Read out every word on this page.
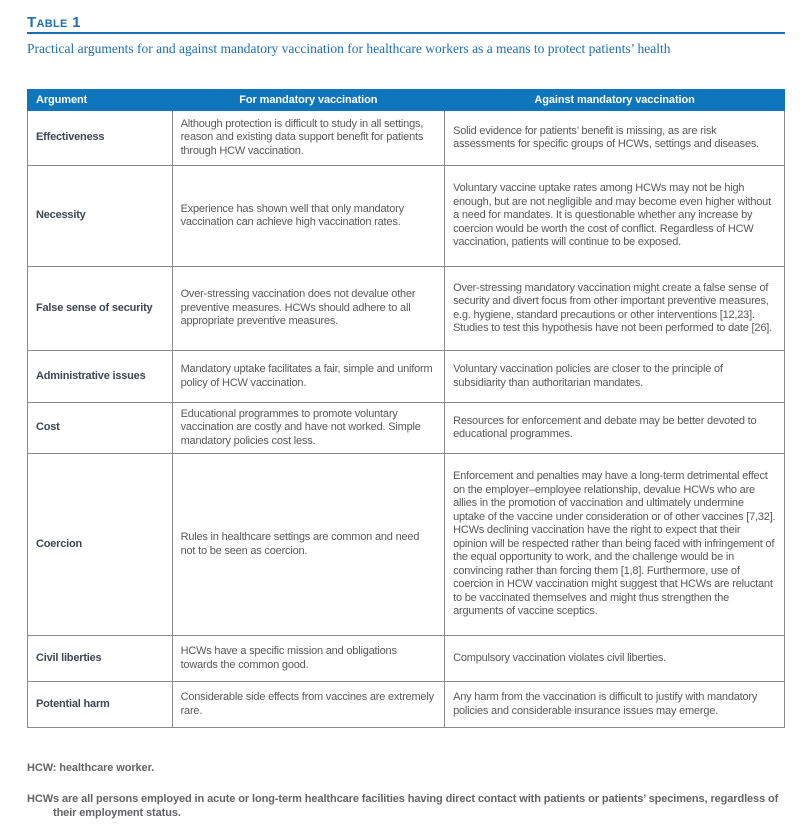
Table 1
Practical arguments for and against mandatory vaccination for healthcare workers as a means to protect patients’ health
Argument	For mandatory vaccination	Against mandatory vaccination
Effectiveness	Although protection is difficult to study in all settings, reason and existing data support benefit for patients through HCW vaccination.	Solid evidence for patients’ benefit is missing, as are risk assessments for specific groups of HCWs, settings and diseases.
Necessity	Experience has shown well that only mandatory vaccination can achieve high vaccination rates.	Voluntary vaccine uptake rates among HCWs may not be high enough, but are not negligible and may become even higher without a need for mandates. It is questionable whether any increase by coercion would be worth the cost of conflict. Regardless of HCW vaccination, patients will continue to be exposed.
False sense of security	Over-stressing vaccination does not devalue other preventive measures. HCWs should adhere to all appropriate preventive measures.	Over-stressing mandatory vaccination might create a false sense of security and divert focus from other important preventive measures, e.g. hygiene, standard precautions or other interventions [12,23]. Studies to test this hypothesis have not been performed to date [26].
Administrative issues	Mandatory uptake facilitates a fair, simple and uniform policy of HCW vaccination.	Voluntary vaccination policies are closer to the principle of subsidiarity than authoritarian mandates.
Cost	Educational programmes to promote voluntary vaccination are costly and have not worked. Simple mandatory policies cost less.	Resources for enforcement and debate may be better devoted to educational programmes.
Coercion	Rules in healthcare settings are common and need not to be seen as coercion.	Enforcement and penalties may have a long-term detrimental effect on the employer–employee relationship, devalue HCWs who are allies in the promotion of vaccination and ultimately undermine uptake of the vaccine under consideration or of other vaccines [7,32]. HCWs declining vaccination have the right to expect that their opinion will be respected rather than being faced with infringement of the equal opportunity to work, and the challenge would be in convincing rather than forcing them [1,8]. Furthermore, use of coercion in HCW vaccination might suggest that HCWs are reluctant to be vaccinated themselves and might thus strengthen the arguments of vaccine sceptics.
Civil liberties	HCWs have a specific mission and obligations towards the common good.	Compulsory vaccination violates civil liberties.
Potential harm	Considerable side effects from vaccines are extremely rare.	Any harm from the vaccination is difficult to justify with mandatory policies and considerable insurance issues may emerge.

HCW: healthcare worker.

HCWs are all persons employed in acute or long-term healthcare facilities having direct contact with patients or patients’ specimens, regardless of their employment status.
